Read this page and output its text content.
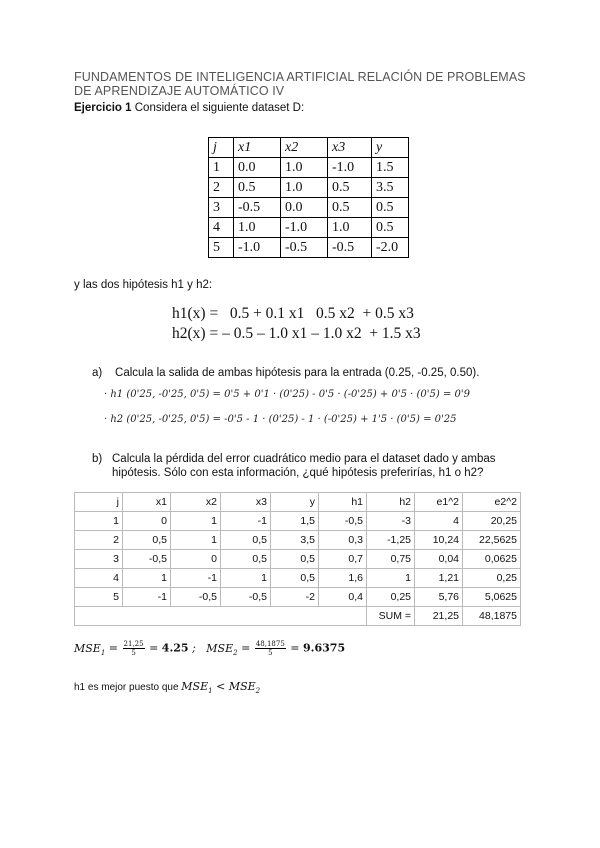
FUNDAMENTOS DE INTELIGENCIA ARTIFICIAL RELACIÓN DE PROBLEMAS DE APRENDIZAJE AUTOMÁTICO IV
Ejercicio 1 Considera el siguiente dataset D:
j	x1	x2	x3	y
1	0.0	1.0	-1.0	1.5
2	0.5	1.0	0.5	3.5
3	-0.5	0.0	0.5	0.5
4	1.0	-1.0	1.0	0.5
5	-1.0	-0.5	-0.5	-2.0
y las dos hipótesis h1 y h2:
h1(x) =   0.5 + 0.1 x1   0.5 x2  + 0.5 x3
h2(x) = – 0.5 – 1.0 x1 – 1.0 x2  + 1.5 x3
a) Calcula la salida de ambas hipótesis para la entrada (0.25, -0.25, 0.50).
· h1 (0'25, -0'25, 0'5) = 0'5 + 0'1 · (0'25) - 0'5 · (-0'25) + 0'5 · (0'5) = 0'9
· h2 (0'25, -0'25, 0'5) = -0'5 - 1 · (0'25) - 1 · (-0'25) + 1'5 · (0'5) = 0'25
b) Calcula la pérdida del error cuadrático medio para el dataset dado y ambas hipótesis. Sólo con esta información, ¿qué hipótesis preferirías, h1 o h2?
j	x1	x2	x3	y	h1	h2	e1^2	e2^2
1	0	1	-1	1,5	-0,5	-3	4	20,25
2	0,5	1	0,5	3,5	0,3	-1,25	10,24	22,5625
3	-0,5	0	0,5	0,5	0,7	0,75	0,04	0,0625
4	1	-1	1	0,5	1,6	1	1,21	0,25
5	-1	-0,5	-0,5	-2	0,4	0,25	5,76	5,0625
						SUM =	21,25	48,1875
$MSE_1 = \frac{21,25}{5} = 4.25$ ;   $MSE_2 = \frac{48,1875}{5} = 9.6375$
h1 es mejor puesto que $MSE_1 < MSE_2$
